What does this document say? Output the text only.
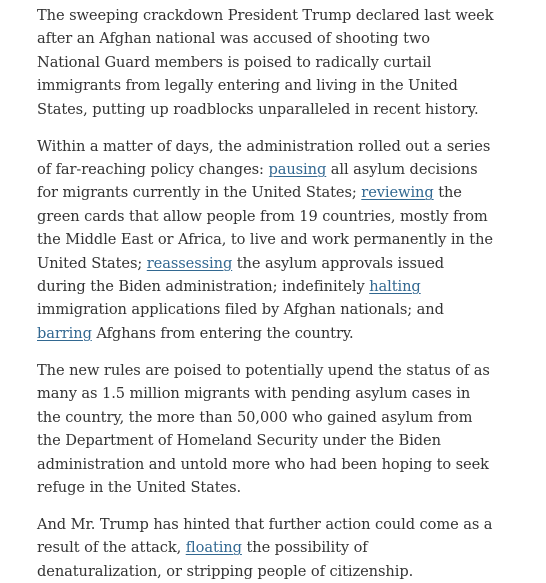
The sweeping crackdown President Trump declared last week after an Afghan national was accused of shooting two National Guard members is poised to radically curtail immigrants from legally entering and living in the United States, putting up roadblocks unparalleled in recent history.

Within a matter of days, the administration rolled out a series of far-reaching policy changes: pausing all asylum decisions for migrants currently in the United States; reviewing the green cards that allow people from 19 countries, mostly from the Middle East or Africa, to live and work permanently in the United States; reassessing the asylum approvals issued during the Biden administration; indefinitely halting immigration applications filed by Afghan nationals; and barring Afghans from entering the country.

The new rules are poised to potentially upend the status of as many as 1.5 million migrants with pending asylum cases in the country, the more than 50,000 who gained asylum from the Department of Homeland Security under the Biden administration and untold more who had been hoping to seek refuge in the United States.

And Mr. Trump has hinted that further action could come as a result of the attack, floating the possibility of denaturalization, or stripping people of citizenship.
